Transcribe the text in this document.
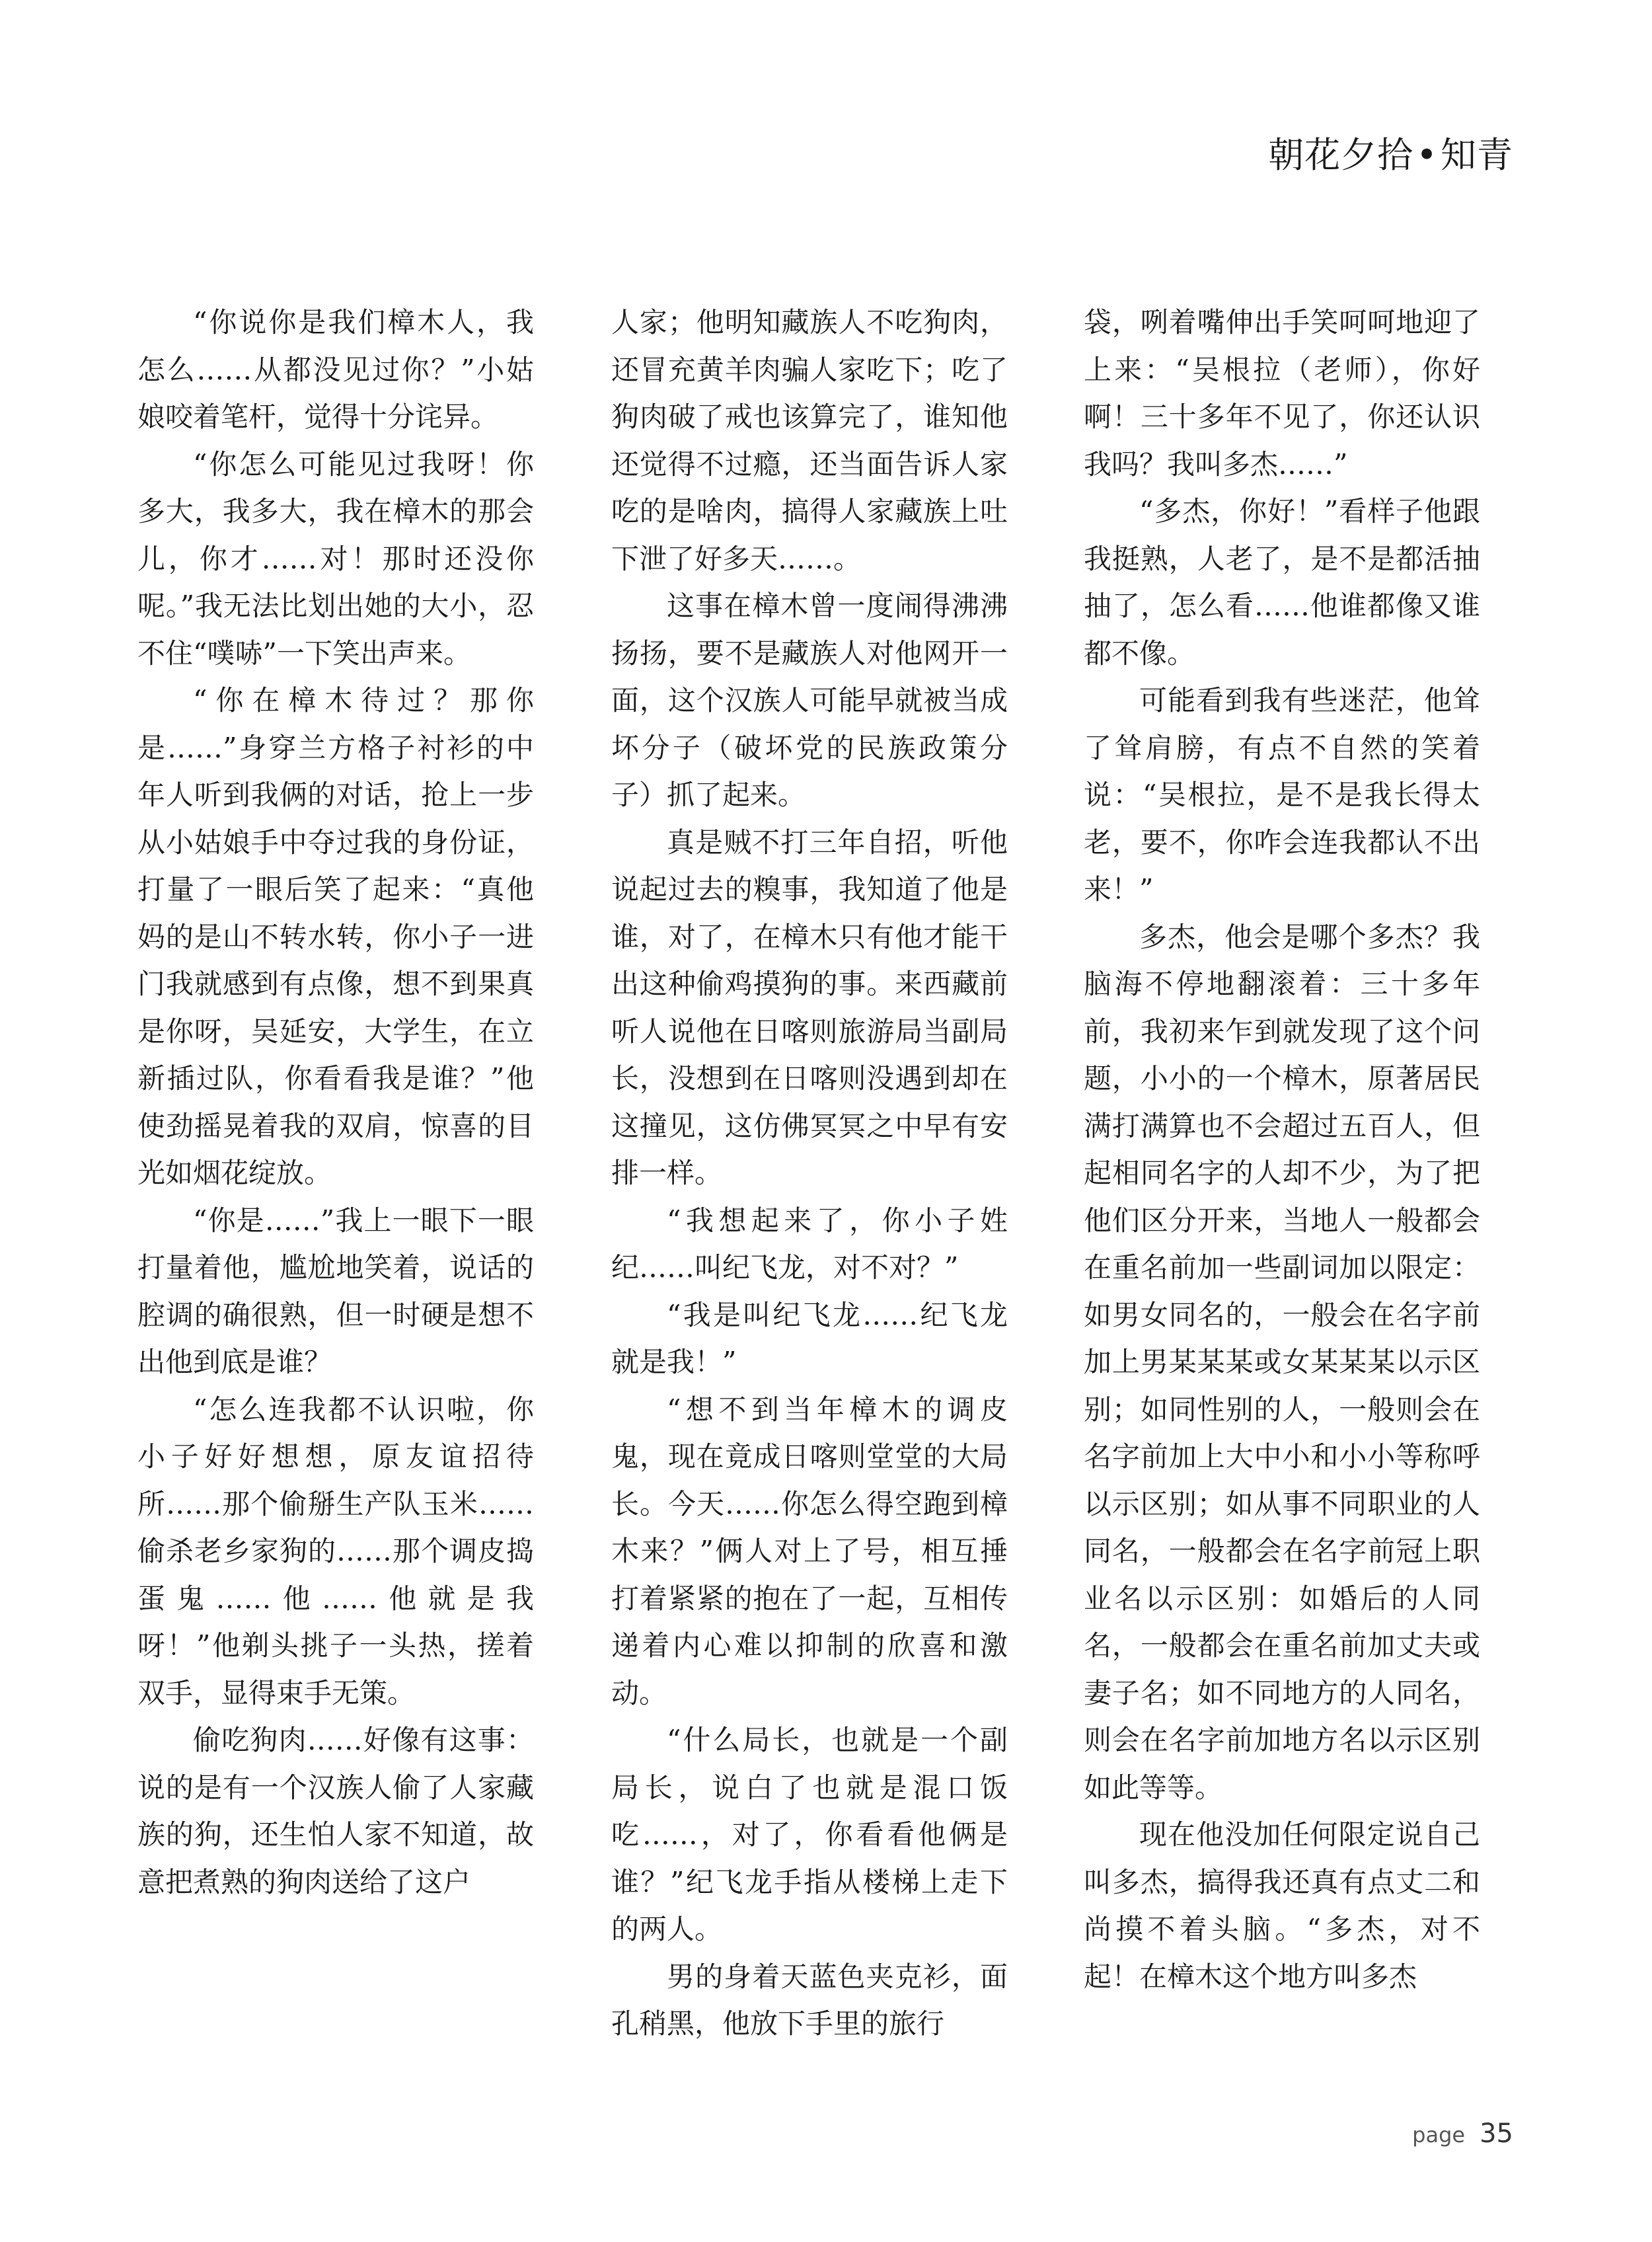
朝花夕拾•知青

“你说你是我们樟木人，我怎么……从都没见过你？”小姑娘咬着笔杆，觉得十分诧异。

“你怎么可能见过我呀！你多大，我多大，我在樟木的那会儿，你才……对！那时还没你呢。”我无法比划出她的大小，忍不住“噗哧”一下笑出声来。

“你在樟木待过？那你是……”身穿兰方格子衬衫的中年人听到我俩的对话，抢上一步从小姑娘手中夺过我的身份证，打量了一眼后笑了起来：“真他妈的是山不转水转，你小子一进门我就感到有点像，想不到果真是你呀，吴延安，大学生，在立新插过队，你看看我是谁？”他使劲摇晃着我的双肩，惊喜的目光如烟花绽放。

“你是……”我上一眼下一眼打量着他，尴尬地笑着，说话的腔调的确很熟，但一时硬是想不出他到底是谁？

“怎么连我都不认识啦，你小子好好想想，原友谊招待所……那个偷掰生产队玉米……偷杀老乡家狗的……那个调皮捣蛋鬼……他……他就是我呀！”他剃头挑子一头热，搓着双手，显得束手无策。

偷吃狗肉……好像有这事：说的是有一个汉族人偷了人家藏族的狗，还生怕人家不知道，故意把煮熟的狗肉送给了这户

人家；他明知藏族人不吃狗肉，还冒充黄羊肉骗人家吃下；吃了狗肉破了戒也该算完了，谁知他还觉得不过瘾，还当面告诉人家吃的是啥肉，搞得人家藏族上吐下泄了好多天……。

这事在樟木曾一度闹得沸沸扬扬，要不是藏族人对他网开一面，这个汉族人可能早就被当成坏分子（破坏党的民族政策分子）抓了起来。

真是贼不打三年自招，听他说起过去的糗事，我知道了他是谁，对了，在樟木只有他才能干出这种偷鸡摸狗的事。来西藏前听人说他在日喀则旅游局当副局长，没想到在日喀则没遇到却在这撞见，这仿佛冥冥之中早有安排一样。

“我想起来了，你小子姓纪……叫纪飞龙，对不对？”

“我是叫纪飞龙……纪飞龙就是我！”

“想不到当年樟木的调皮鬼，现在竟成日喀则堂堂的大局长。今天……你怎么得空跑到樟木来？”俩人对上了号，相互捶打着紧紧的抱在了一起，互相传递着内心难以抑制的欣喜和激动。

“什么局长，也就是一个副局长，说白了也就是混口饭吃……，对了，你看看他俩是谁？”纪飞龙手指从楼梯上走下的两人。

男的身着天蓝色夹克衫，面孔稍黑，他放下手里的旅行

袋，咧着嘴伸出手笑呵呵地迎了上来：“吴根拉（老师），你好啊！三十多年不见了，你还认识我吗？我叫多杰……”

“多杰，你好！”看样子他跟我挺熟，人老了，是不是都活抽抽了，怎么看……他谁都像又谁都不像。

可能看到我有些迷茫，他耸了耸肩膀，有点不自然的笑着说：“吴根拉，是不是我长得太老，要不，你咋会连我都认不出来！”

多杰，他会是哪个多杰？我脑海不停地翻滚着：三十多年前，我初来乍到就发现了这个问题，小小的一个樟木，原著居民满打满算也不会超过五百人，但起相同名字的人却不少，为了把他们区分开来，当地人一般都会在重名前加一些副词加以限定：如男女同名的，一般会在名字前加上男某某某或女某某某以示区别；如同性别的人，一般则会在名字前加上大中小和小小等称呼以示区别；如从事不同职业的人同名，一般都会在名字前冠上职业名以示区别：如婚后的人同名，一般都会在重名前加丈夫或妻子名；如不同地方的人同名，则会在名字前加地方名以示区别如此等等。

现在他没加任何限定说自己叫多杰，搞得我还真有点丈二和尚摸不着头脑。“多杰，对不起！在樟木这个地方叫多杰

page 35
